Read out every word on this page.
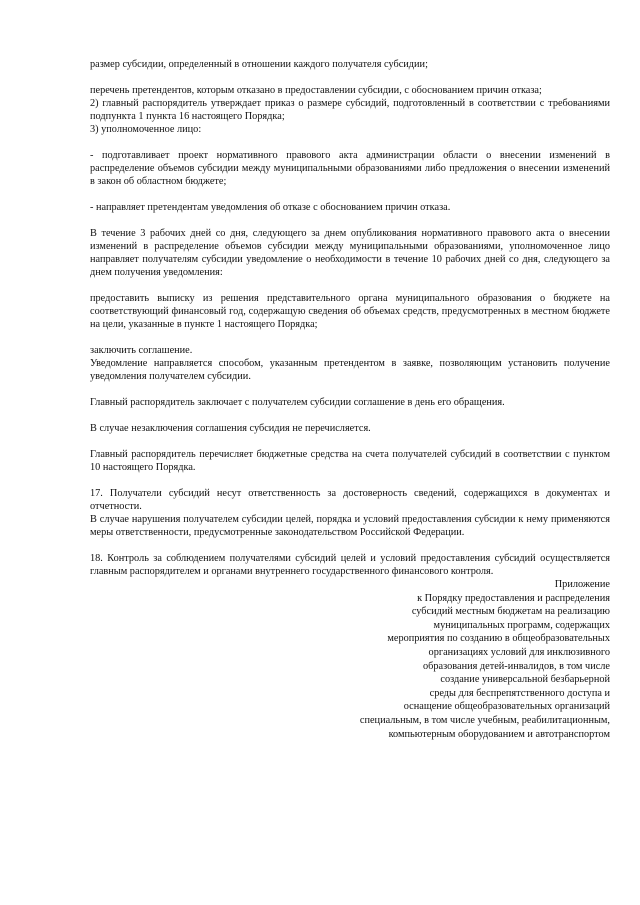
размер субсидии, определенный в отношении каждого получателя субсидии;

перечень претендентов, которым отказано в предоставлении субсидии, с обоснованием причин отказа;

2) главный распорядитель утверждает приказ о размере субсидий, подготовленный в соответствии с требованиями подпункта 1 пункта 16 настоящего Порядка;

3) уполномоченное лицо:

- подготавливает проект нормативного правового акта администрации области о внесении изменений в распределение объемов субсидии между муниципальными образованиями либо предложения о внесении изменений в закон об областном бюджете;

- направляет претендентам уведомления об отказе с обоснованием причин отказа.

В течение 3 рабочих дней со дня, следующего за днем опубликования нормативного правового акта о внесении изменений в распределение объемов субсидии между муниципальными образованиями, уполномоченное лицо направляет получателям субсидии уведомление о необходимости в течение 10 рабочих дней со дня, следующего за днем получения уведомления:

предоставить выписку из решения представительного органа муниципального образования о бюджете на соответствующий финансовый год, содержащую сведения об объемах средств, предусмотренных в местном бюджете на цели, указанные в пункте 1 настоящего Порядка;

заключить соглашение.

Уведомление направляется способом, указанным претендентом в заявке, позволяющим установить получение уведомления получателем субсидии.

Главный распорядитель заключает с получателем субсидии соглашение в день его обращения.

В случае незаключения соглашения субсидия не перечисляется.

Главный распорядитель перечисляет бюджетные средства на счета получателей субсидий в соответствии с пунктом 10 настоящего Порядка.

17. Получатели субсидий несут ответственность за достоверность сведений, содержащихся в документах и отчетности.

В случае нарушения получателем субсидии целей, порядка и условий предоставления субсидии к нему применяются меры ответственности, предусмотренные законодательством Российской Федерации.

18. Контроль за соблюдением получателями субсидий целей и условий предоставления субсидий осуществляется главным распорядителем и органами внутреннего государственного финансового контроля.

Приложение
к Порядку предоставления и распределения
субсидий местным бюджетам на реализацию
муниципальных программ, содержащих
мероприятия по созданию в общеобразовательных
организациях условий для инклюзивного
образования детей-инвалидов, в том числе
создание универсальной безбарьерной
среды для беспрепятственного доступа и
оснащение общеобразовательных организаций
специальным, в том числе учебным, реабилитационным,
компьютерным оборудованием и автотранспортом
